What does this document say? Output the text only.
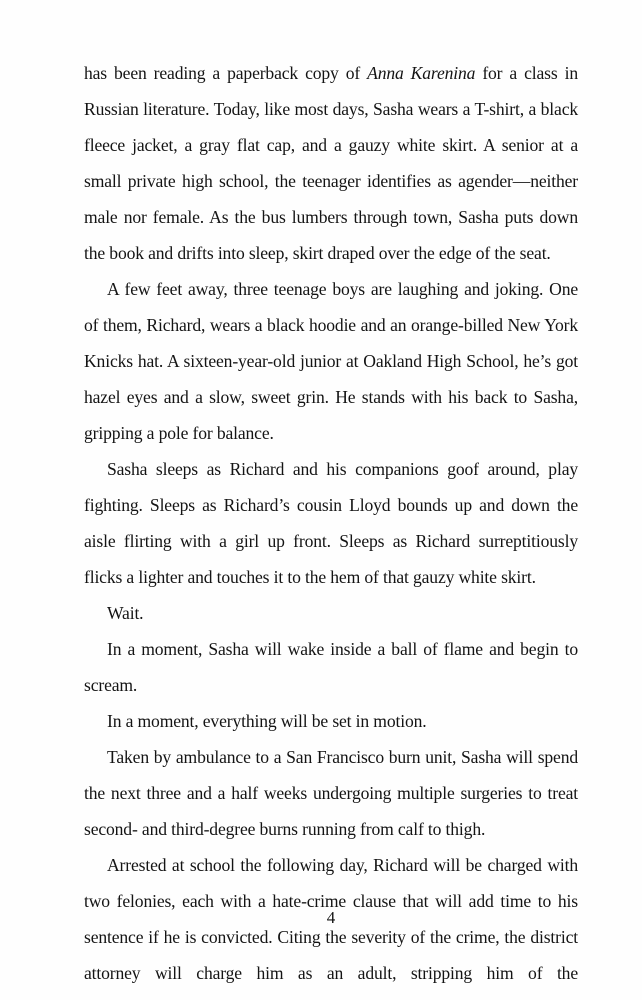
has been reading a paperback copy of Anna Karenina for a class in Russian literature. Today, like most days, Sasha wears a T-shirt, a black fleece jacket, a gray flat cap, and a gauzy white skirt. A senior at a small private high school, the teenager identifies as agender—neither male nor female. As the bus lumbers through town, Sasha puts down the book and drifts into sleep, skirt draped over the edge of the seat.

A few feet away, three teenage boys are laughing and joking. One of them, Richard, wears a black hoodie and an orange-billed New York Knicks hat. A sixteen-year-old junior at Oakland High School, he’s got hazel eyes and a slow, sweet grin. He stands with his back to Sasha, gripping a pole for balance.

Sasha sleeps as Richard and his companions goof around, play fighting. Sleeps as Richard’s cousin Lloyd bounds up and down the aisle flirting with a girl up front. Sleeps as Richard surreptitiously flicks a lighter and touches it to the hem of that gauzy white skirt.

Wait.

In a moment, Sasha will wake inside a ball of flame and begin to scream.

In a moment, everything will be set in motion.

Taken by ambulance to a San Francisco burn unit, Sasha will spend the next three and a half weeks undergoing multiple surgeries to treat second- and third-degree burns running from calf to thigh.

Arrested at school the following day, Richard will be charged with two felonies, each with a hate-crime clause that will add time to his sentence if he is convicted. Citing the severity of the crime, the district attorney will charge him as an adult, stripping him of the

4
